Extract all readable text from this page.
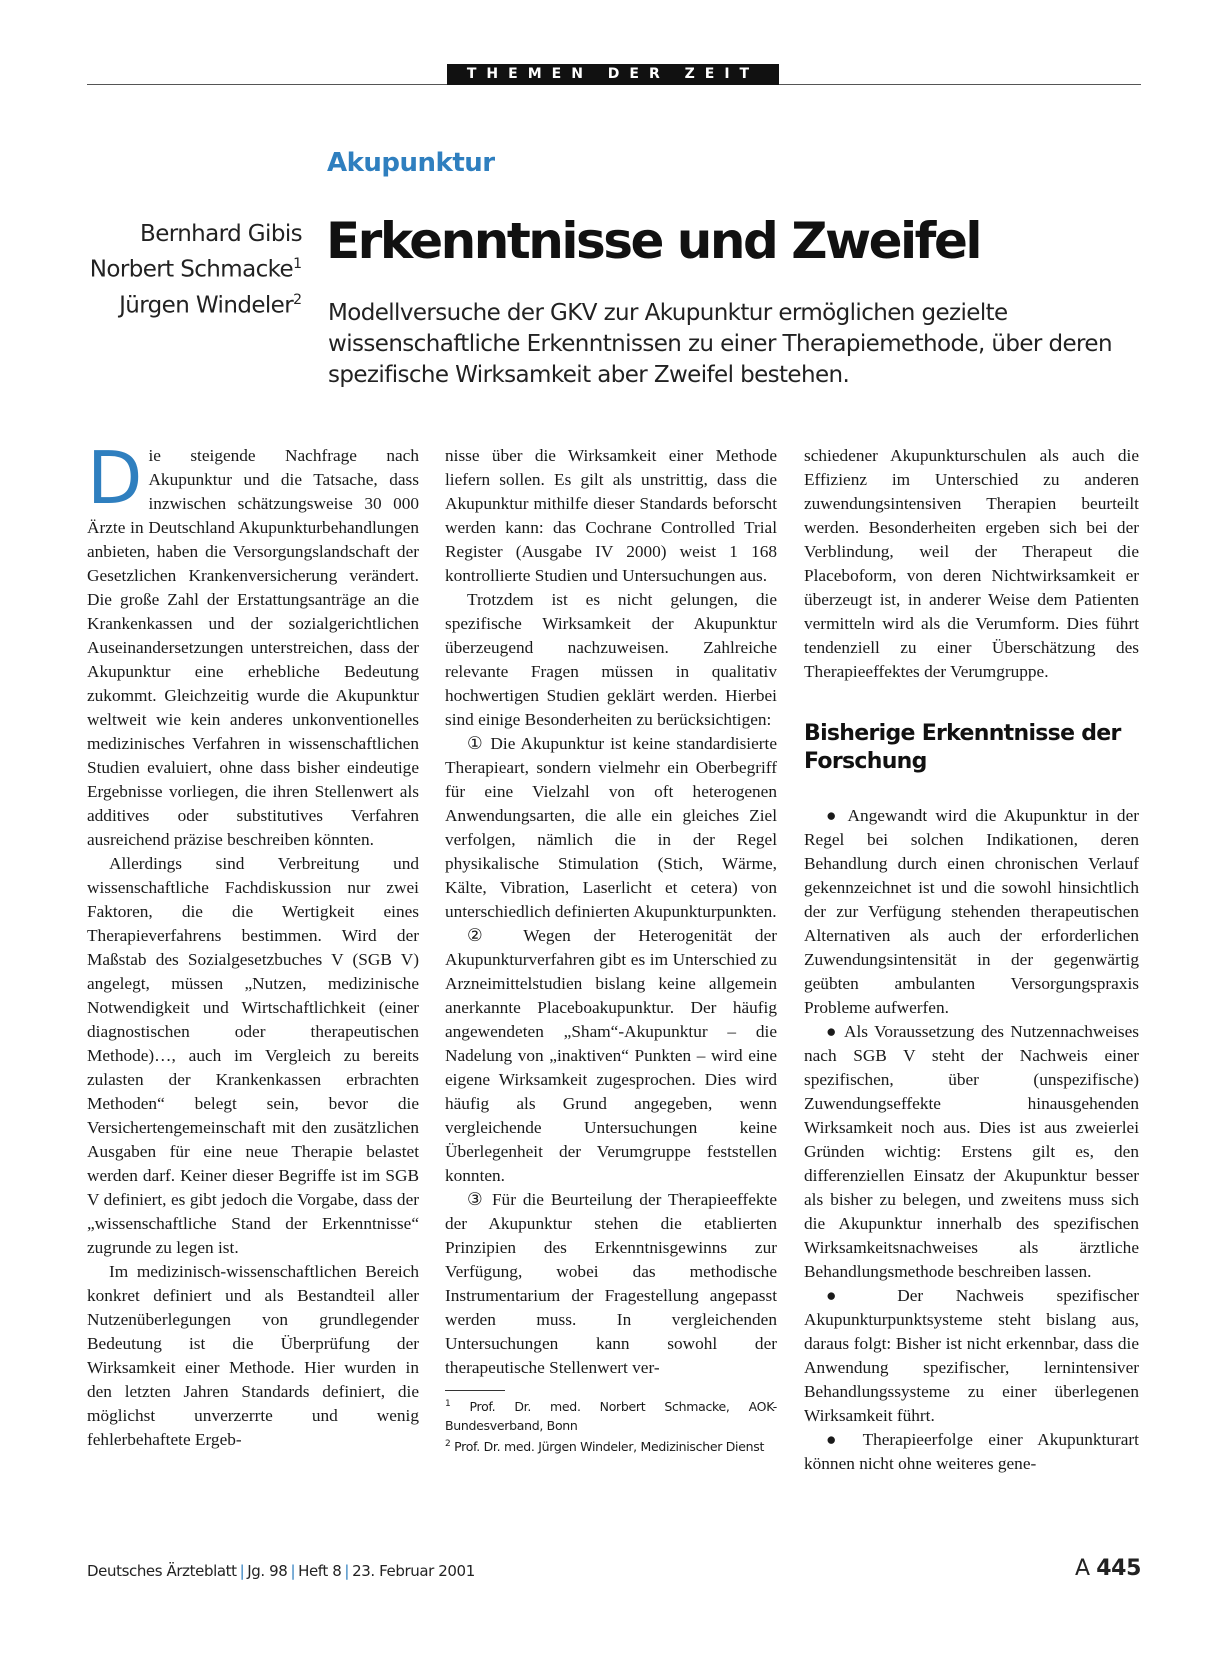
THEMEN DER ZEIT
Akupunktur
Bernhard Gibis
Norbert Schmacke$^1$
Jürgen Windeler$^2$
Erkenntnisse und Zweifel
Modellversuche der GKV zur Akupunktur ermöglichen gezielte wissenschaftliche Erkenntnissen zu einer Therapiemethode, über deren spezifische Wirksamkeit aber Zweifel bestehen.

Die steigende Nachfrage nach Akupunktur und die Tatsache, dass inzwischen schätzungsweise 30 000 Ärzte in Deutschland Akupunkturbehandlungen anbieten, haben die Versorgungslandschaft der Gesetzlichen Krankenversicherung verändert. Die große Zahl der Erstattungsanträge an die Krankenkassen und der sozialgerichtlichen Auseinandersetzungen unterstreichen, dass der Akupunktur eine erhebliche Bedeutung zukommt. Gleichzeitig wurde die Akupunktur weltweit wie kein anderes unkonventionelles medizinisches Verfahren in wissenschaftlichen Studien evaluiert, ohne dass bisher eindeutige Ergebnisse vorliegen, die ihren Stellenwert als additives oder substitutives Verfahren ausreichend präzise beschreiben könnten.

Allerdings sind Verbreitung und wissenschaftliche Fachdiskussion nur zwei Faktoren, die die Wertigkeit eines Therapieverfahrens bestimmen. Wird der Maßstab des Sozialgesetzbuches V (SGB V) angelegt, müssen „Nutzen, medizinische Notwendigkeit und Wirtschaftlichkeit (einer diagnostischen oder therapeutischen Methode)…, auch im Vergleich zu bereits zulasten der Krankenkassen erbrachten Methoden“ belegt sein, bevor die Versichertengemeinschaft mit den zusätzlichen Ausgaben für eine neue Therapie belastet werden darf. Keiner dieser Begriffe ist im SGB V definiert, es gibt jedoch die Vorgabe, dass der „wissenschaftliche Stand der Erkenntnisse“ zugrunde zu legen ist.

Im medizinisch-wissenschaftlichen Bereich konkret definiert und als Bestandteil aller Nutzenüberlegungen von grundlegender Bedeutung ist die Überprüfung der Wirksamkeit einer Methode. Hier wurden in den letzten Jahren Standards definiert, die möglichst unverzerrte und wenig fehlerbehaftete Ergeb-

nisse über die Wirksamkeit einer Methode liefern sollen. Es gilt als unstrittig, dass die Akupunktur mithilfe dieser Standards beforscht werden kann: das Cochrane Controlled Trial Register (Ausgabe IV 2000) weist 1 168 kontrollierte Studien und Untersuchungen aus.

Trotzdem ist es nicht gelungen, die spezifische Wirksamkeit der Akupunktur überzeugend nachzuweisen. Zahlreiche relevante Fragen müssen in qualitativ hochwertigen Studien geklärt werden. Hierbei sind einige Besonderheiten zu berücksichtigen:

① Die Akupunktur ist keine standardisierte Therapieart, sondern vielmehr ein Oberbegriff für eine Vielzahl von oft heterogenen Anwendungsarten, die alle ein gleiches Ziel verfolgen, nämlich die in der Regel physikalische Stimulation (Stich, Wärme, Kälte, Vibration, Laserlicht et cetera) von unterschiedlich definierten Akupunkturpunkten.

② Wegen der Heterogenität der Akupunkturverfahren gibt es im Unterschied zu Arzneimittelstudien bislang keine allgemein anerkannte Placeboakupunktur. Der häufig angewendeten „Sham“-Akupunktur – die Nadelung von „inaktiven“ Punkten – wird eine eigene Wirksamkeit zugesprochen. Dies wird häufig als Grund angegeben, wenn vergleichende Untersuchungen keine Überlegenheit der Verumgruppe feststellen konnten.

③ Für die Beurteilung der Therapieeffekte der Akupunktur stehen die etablierten Prinzipien des Erkenntnisgewinns zur Verfügung, wobei das methodische Instrumentarium der Fragestellung angepasst werden muss. In vergleichenden Untersuchungen kann sowohl der therapeutische Stellenwert ver-

$^1$ Prof. Dr. med. Norbert Schmacke, AOK-Bundesverband, Bonn
$^2$ Prof. Dr. med. Jürgen Windeler, Medizinischer Dienst

schiedener Akupunkturschulen als auch die Effizienz im Unterschied zu anderen zuwendungsintensiven Therapien beurteilt werden. Besonderheiten ergeben sich bei der Verblindung, weil der Therapeut die Placeboform, von deren Nichtwirksamkeit er überzeugt ist, in anderer Weise dem Patienten vermitteln wird als die Verumform. Dies führt tendenziell zu einer Überschätzung des Therapieeffektes der Verumgruppe.

Bisherige Erkenntnisse der Forschung

● Angewandt wird die Akupunktur in der Regel bei solchen Indikationen, deren Behandlung durch einen chronischen Verlauf gekennzeichnet ist und die sowohl hinsichtlich der zur Verfügung stehenden therapeutischen Alternativen als auch der erforderlichen Zuwendungsintensität in der gegenwärtig geübten ambulanten Versorgungspraxis Probleme aufwerfen.

● Als Voraussetzung des Nutzennachweises nach SGB V steht der Nachweis einer spezifischen, über (unspezifische) Zuwendungseffekte hinausgehenden Wirksamkeit noch aus. Dies ist aus zweierlei Gründen wichtig: Erstens gilt es, den differenziellen Einsatz der Akupunktur besser als bisher zu belegen, und zweitens muss sich die Akupunktur innerhalb des spezifischen Wirksamkeitsnachweises als ärztliche Behandlungsmethode beschreiben lassen.

● Der Nachweis spezifischer Akupunkturpunktsysteme steht bislang aus, daraus folgt: Bisher ist nicht erkennbar, dass die Anwendung spezifischer, lernintensiver Behandlungssysteme zu einer überlegenen Wirksamkeit führt.

● Therapieerfolge einer Akupunkturart können nicht ohne weiteres gene-

Deutsches Ärzteblatt | Jg. 98 | Heft 8 | 23. Februar 2001	A 445
